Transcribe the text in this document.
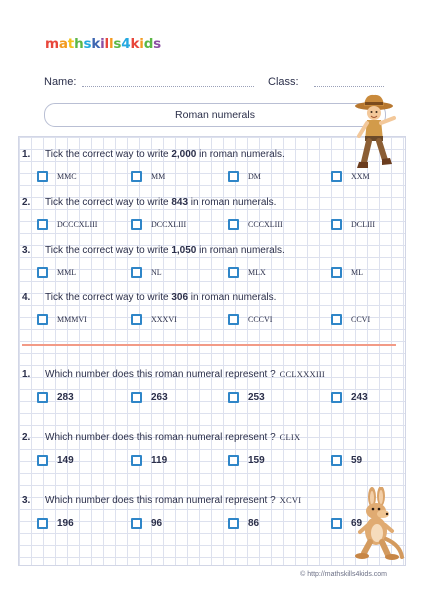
mathskills4kids
Name:	Class:
Roman numerals
1. Tick the correct way to write 2,000 in roman numerals.
MMC	MM	DM	XXM
2. Tick the correct way to write 843 in roman numerals.
DCCCXLIII	DCCXLIII	CCCXLIII	DCLIII
3. Tick the correct way to write 1,050 in roman numerals.
MML	NL	MLX	ML
4. Tick the correct way to write 306 in roman numerals.
MMMVI	XXXVI	CCCVI	CCVI
1. Which number does this roman numeral represent ? CCLXXXIII
283	263	253	243
2. Which number does this roman numeral represent ? CLIX
149	119	159	59
3. Which number does this roman numeral represent ? XCVI
196	96	86	69
© http://mathskills4kids.com
